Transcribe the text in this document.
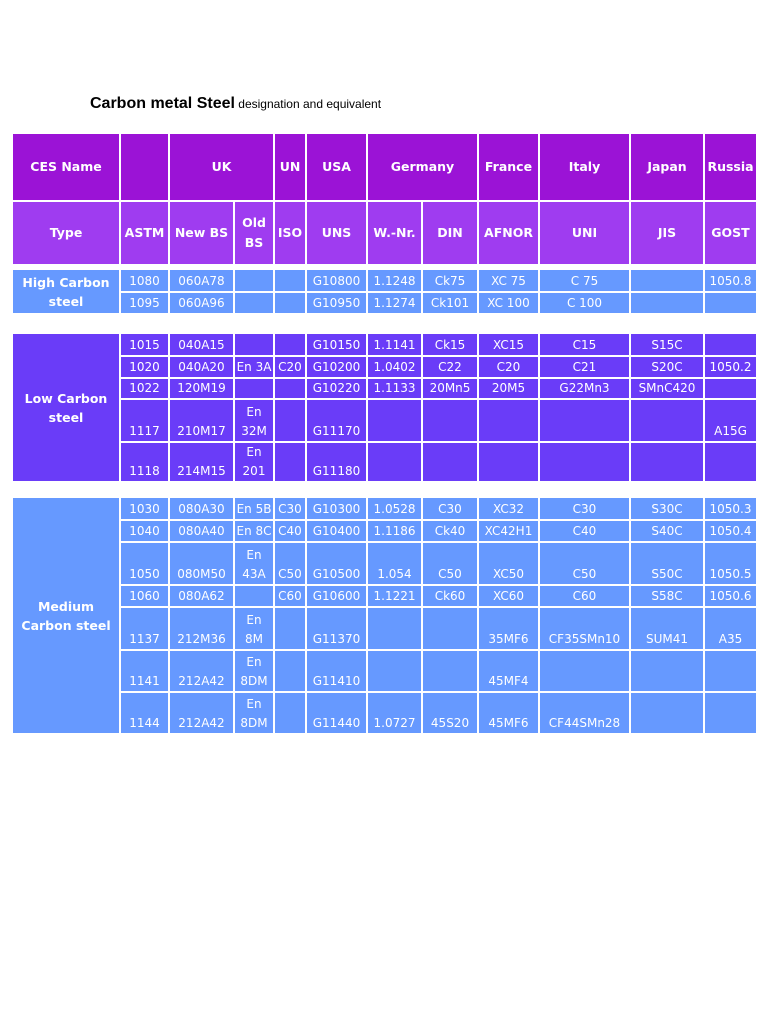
Carbon metal Steel designation and equivalent
CES Name		UK		UN	USA	Germany		France	Italy	Japan	Russia
Type	ASTM	New BS	Old BS	ISO	UNS	W.-Nr.	DIN	AFNOR	UNI	JIS	GOST
High Carbon steel	1080	060A78			G10800	1.1248	Ck75	XC 75	C 75		1050.8
	1095	060A96			G10950	1.1274	Ck101	XC 100	C 100		
Low Carbon steel	1015	040A15			G10150	1.1141	Ck15	XC15	C15	S15C	
	1020	040A20	En 3A	C20	G10200	1.0402	C22	C20	C21	S20C	1050.2
	1022	120M19			G10220	1.1133	20Mn5	20M5	G22Mn3	SMnC420	
	1117	210M17	En 32M		G11170						A15G
	1118	214M15	En 201		G11180						
Medium Carbon steel	1030	080A30	En 5B	C30	G10300	1.0528	C30	XC32	C30	S30C	1050.3
	1040	080A40	En 8C	C40	G10400	1.1186	Ck40	XC42H1	C40	S40C	1050.4
	1050	080M50	En 43A	C50	G10500	1.054	C50	XC50	C50	S50C	1050.5
	1060	080A62		C60	G10600	1.1221	Ck60	XC60	C60	S58C	1050.6
	1137	212M36	En 8M		G11370			35MF6	CF35SMn10	SUM41	A35
	1141	212A42	En 8DM		G11410			45MF4			
	1144	212A42	En 8DM		G11440	1.0727	45S20	45MF6	CF44SMn28		
